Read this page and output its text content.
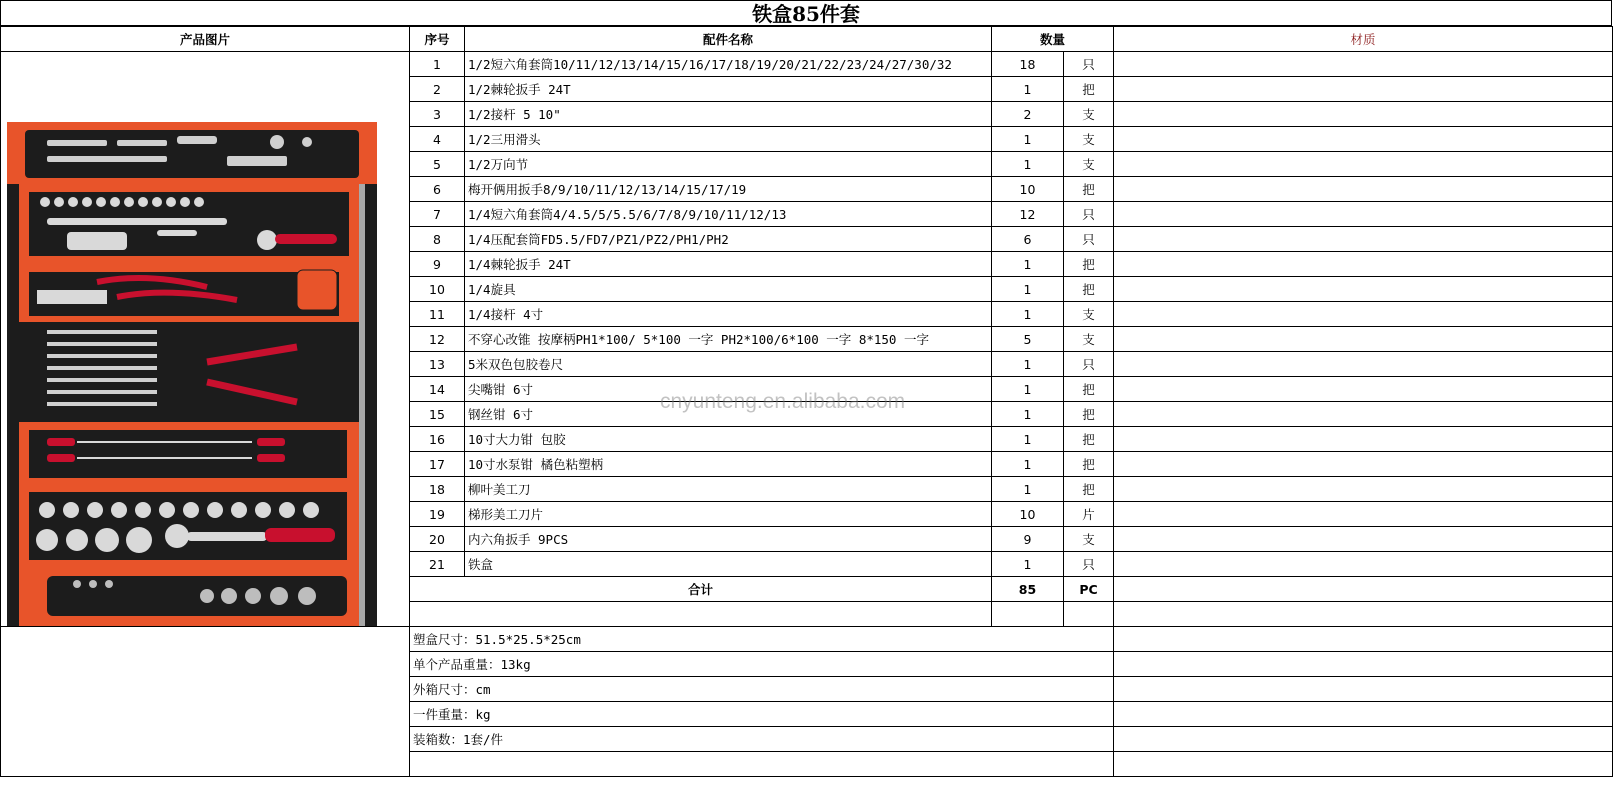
铁盒85件套
产品图片	序号	配件名称	数量		材质

	1	1/2短六角套筒10/11/12/13/14/15/16/17/18/19/20/21/22/23/24/27/30/32	18	只	
	2	1/2棘轮扳手 24T	1	把	
	3	1/2接杆 5 10"	2	支	
	4	1/2三用滑头	1	支	
	5	1/2万向节	1	支	
	6	梅开俩用扳手8/9/10/11/12/13/14/15/17/19	10	把	
	7	1/4短六角套筒4/4.5/5/5.5/6/7/8/9/10/11/12/13	12	只	
	8	1/4压配套筒FD5.5/FD7/PZ1/PZ2/PH1/PH2	6	只	
	9	1/4棘轮扳手 24T	1	把	
	10	1/4旋具	1	把	
	11	1/4接杆 4寸	1	支	
	12	不穿心改锥 按摩柄PH1*100/ 5*100 一字 PH2*100/6*100 一字 8*150 一字	5	支	
	13	5米双色包胶卷尺	1	只	
	14	尖嘴钳 6寸	1	把	
	15	钢丝钳 6寸	1	把	
	16	10寸大力钳 包胶	1	把	
	17	10寸水泵钳 橘色粘塑柄	1	把	
	18	柳叶美工刀	1	把	
	19	梯形美工刀片	10	片	
	20	内六角扳手 9PCS	9	支	
	21	铁盒	1	只	
	合计		85	PC	

	塑盒尺寸：51.5*25.5*25cm				
	单个产品重量：13kg				
	外箱尺寸：cm				
	一件重量：kg				
	装箱数：1套/件				

cnyunteng.en.alibaba.com
